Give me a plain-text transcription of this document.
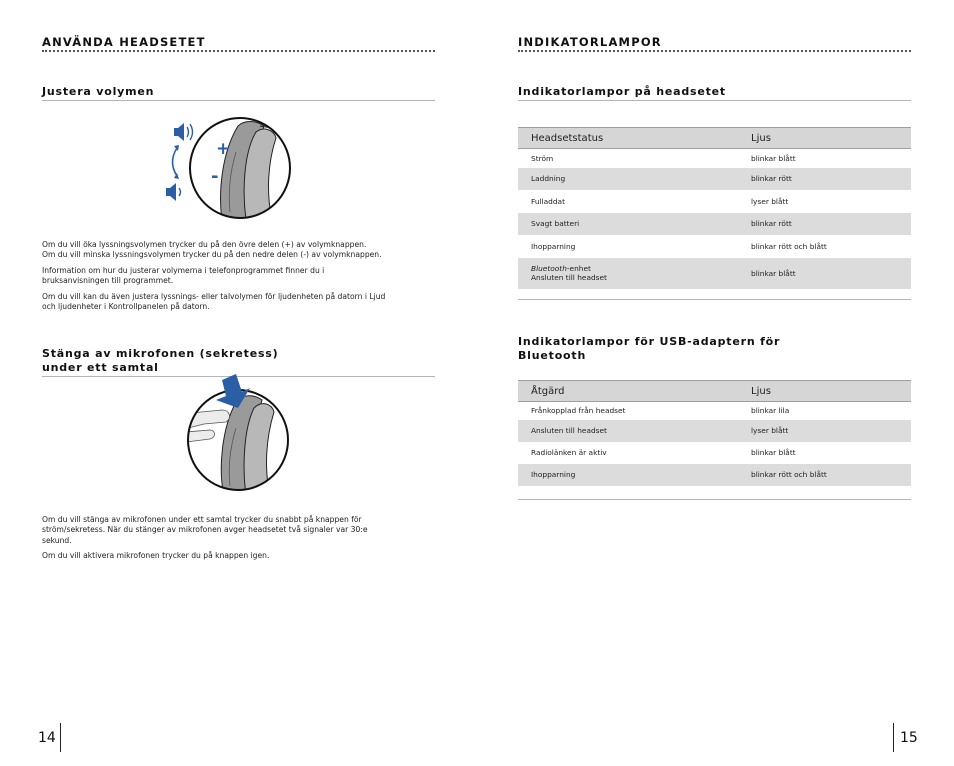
ANVÄNDA HEADSETET
Justera volymen
+
-
Om du vill öka lyssningsvolymen trycker du på den övre delen (+) av volymknappen.
Om du vill minska lyssningsvolymen trycker du på den nedre delen (-) av volymknappen.
Information om hur du justerar volymerna i telefonprogrammet finner du i
bruksanvisningen till programmet.
Om du vill kan du även justera lyssnings- eller talvolymen för ljudenheten på datorn i Ljud
och ljudenheter i Kontrollpanelen på datorn.
Stänga av mikrofonen (sekretess)
under ett samtal
Om du vill stänga av mikrofonen under ett samtal trycker du snabbt på knappen för
ström/sekretess. När du stänger av mikrofonen avger headsetet två signaler var 30:e
sekund.
Om du vill aktivera mikrofonen trycker du på knappen igen.
14
INDIKATORLAMPOR
Indikatorlampor på headsetet
Headsetstatus	Ljus
Ström	blinkar blått
Laddning	blinkar rött
Fulladdat	lyser blått
Svagt batteri	blinkar rött
Ihopparning	blinkar rött och blått

Bluetooth-enhet
Ansluten till headset	blinkar blått
Indikatorlampor för USB-adaptern för
Bluetooth
Åtgärd	Ljus
Frånkopplad från headset	blinkar lila
Ansluten till headset	lyser blått
Radiolänken är aktiv	blinkar blått
Ihopparning	blinkar rött och blått
15
